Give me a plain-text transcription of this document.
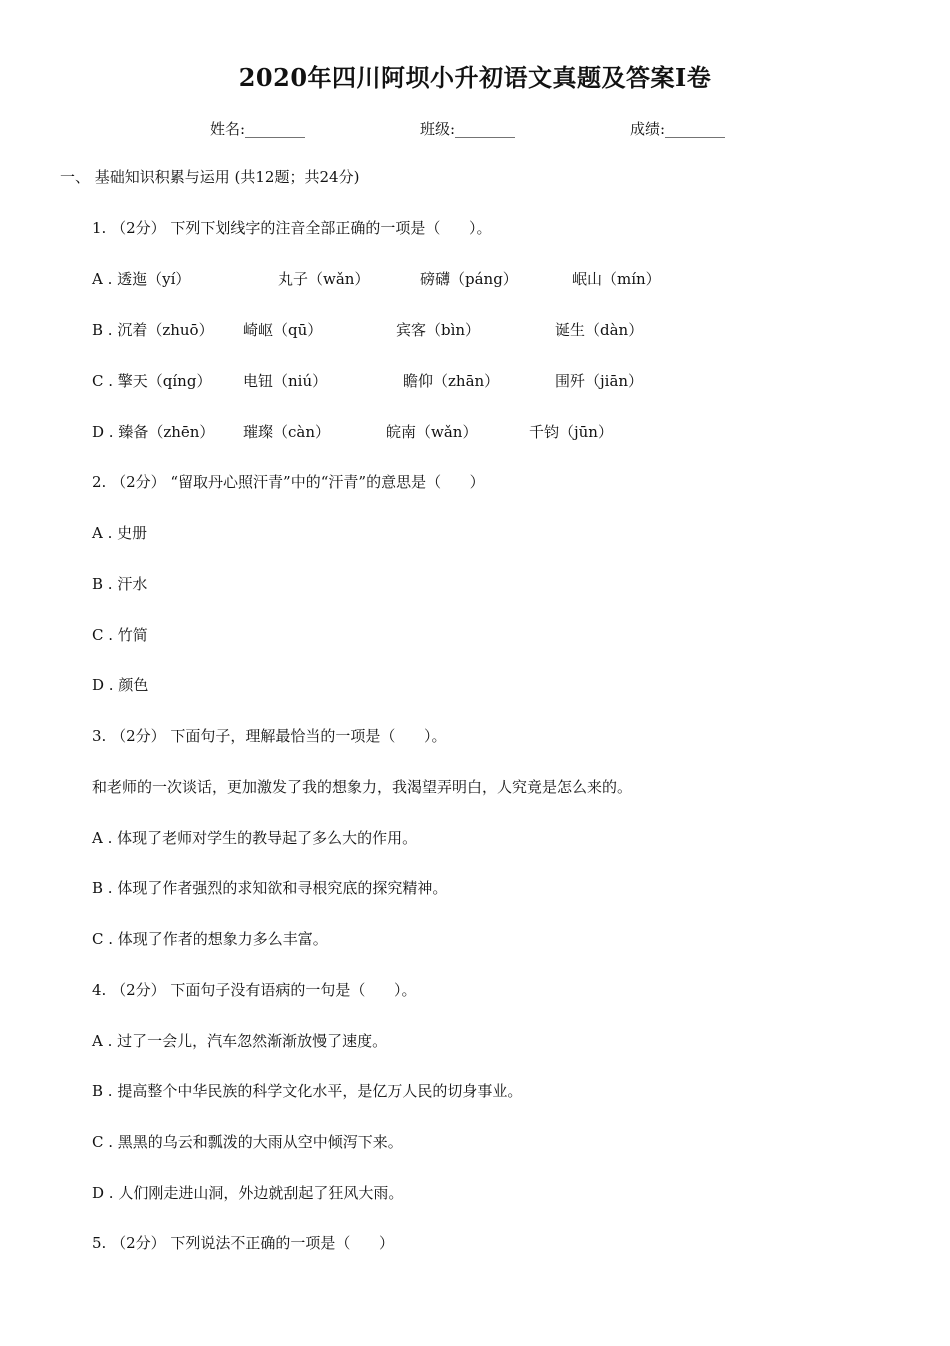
2020年四川阿坝小升初语文真题及答案I卷
姓名:________	班级:________	成绩:________
一、 基础知识积累与运用 (共12题；共24分)
1. （2分） 下列下划线字的注音全部正确的一项是（      ）。
A . 透迤（yí）	丸子（wǎn）	磅礴（páng）	岷山（mín）
B . 沉着（zhuō） 崎岖（qū）	宾客（bìn）	诞生（dàn）
C . 擎天（qíng） 电钮（niú）	瞻仰（zhān）	围歼（jiān）
D . 臻备（zhēn） 璀璨（càn）	皖南（wǎn）	千钧（jūn）
2. （2分） “留取丹心照汗青”中的“汗青”的意思是（      ）
A . 史册
B . 汗水
C . 竹简
D . 颜色
3. （2分） 下面句子，理解最恰当的一项是（      ）。
和老师的一次谈话，更加激发了我的想象力，我渴望弄明白，人究竟是怎么来的。
A . 体现了老师对学生的教导起了多么大的作用。
B . 体现了作者强烈的求知欲和寻根究底的探究精神。
C . 体现了作者的想象力多么丰富。
4. （2分） 下面句子没有语病的一句是（      ）。
A . 过了一会儿，汽车忽然渐渐放慢了速度。
B . 提高整个中华民族的科学文化水平，是亿万人民的切身事业。
C . 黑黑的乌云和瓢泼的大雨从空中倾泻下来。
D . 人们刚走进山洞，外边就刮起了狂风大雨。
5. （2分） 下列说法不正确的一项是（      ）
